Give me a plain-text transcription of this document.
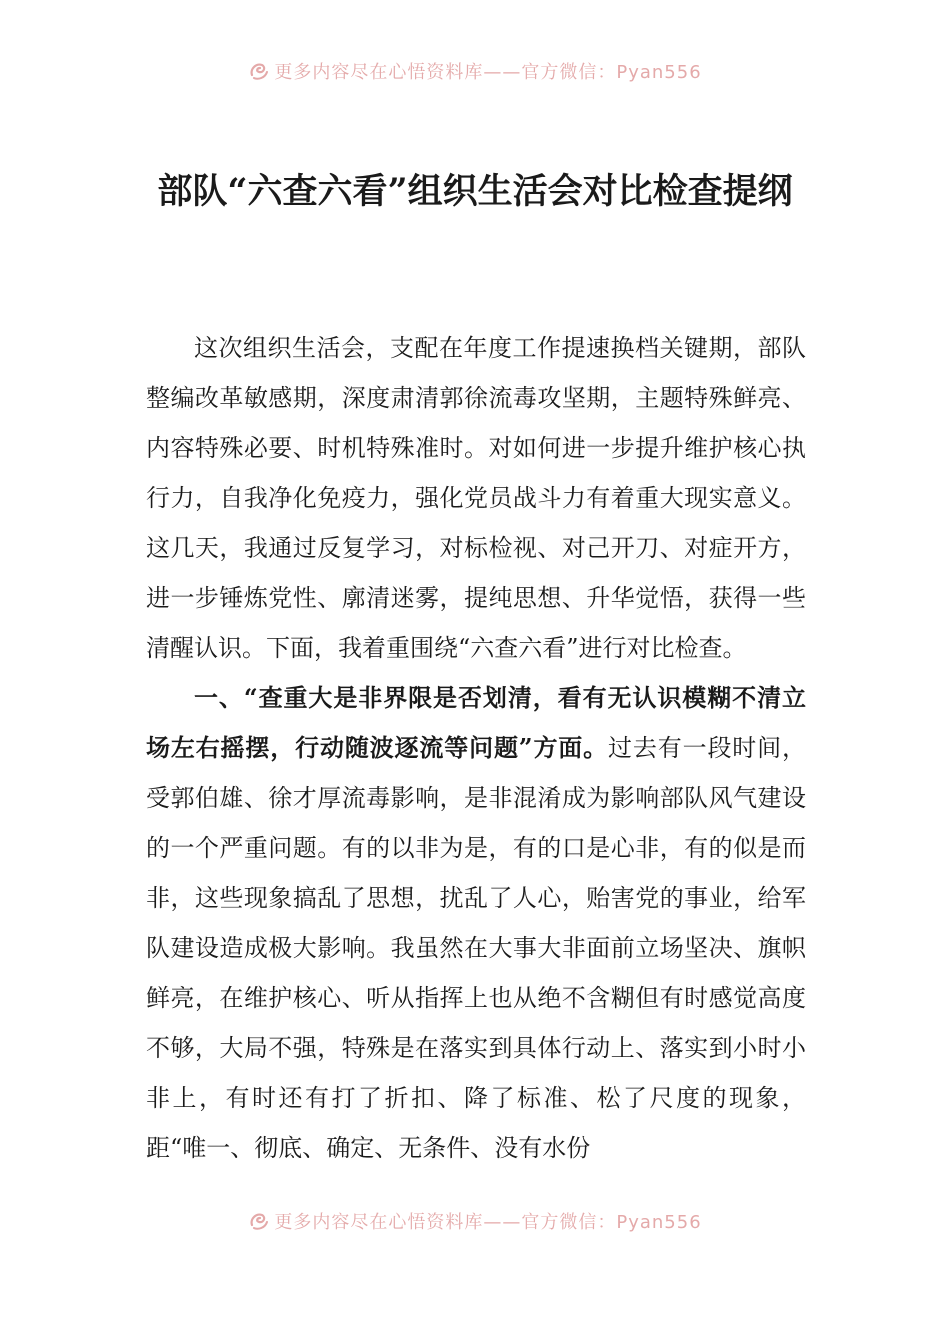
更多内容尽在心悟资料库——官方微信：Pyan556
部队“六查六看”组织生活会对比检查提纲

这次组织生活会，支配在年度工作提速换档关键期，部队整编改革敏感期，深度肃清郭徐流毒攻坚期，主题特殊鲜亮、内容特殊必要、时机特殊准时。对如何进一步提升维护核心执行力，自我净化免疫力，强化党员战斗力有着重大现实意义。这几天，我通过反复学习，对标检视、对己开刀、对症开方，进一步锤炼党性、廓清迷雾，提纯思想、升华觉悟，获得一些清醒认识。下面，我着重围绕“六查六看”进行对比检查。

一、“查重大是非界限是否划清，看有无认识模糊不清立场左右摇摆，行动随波逐流等问题”方面。过去有一段时间，受郭伯雄、徐才厚流毒影响，是非混淆成为影响部队风气建设的一个严重问题。有的以非为是，有的口是心非，有的似是而非，这些现象搞乱了思想，扰乱了人心，贻害党的事业，给军队建设造成极大影响。我虽然在大事大非面前立场坚决、旗帜鲜亮，在维护核心、听从指挥上也从绝不含糊但有时感觉高度不够，大局不强，特殊是在落实到具体行动上、落实到小时小非上，有时还有打了折扣、降了标准、松了尺度的现象，距“唯一、彻底、确定、无条件、没有水份

更多内容尽在心悟资料库——官方微信：Pyan556
